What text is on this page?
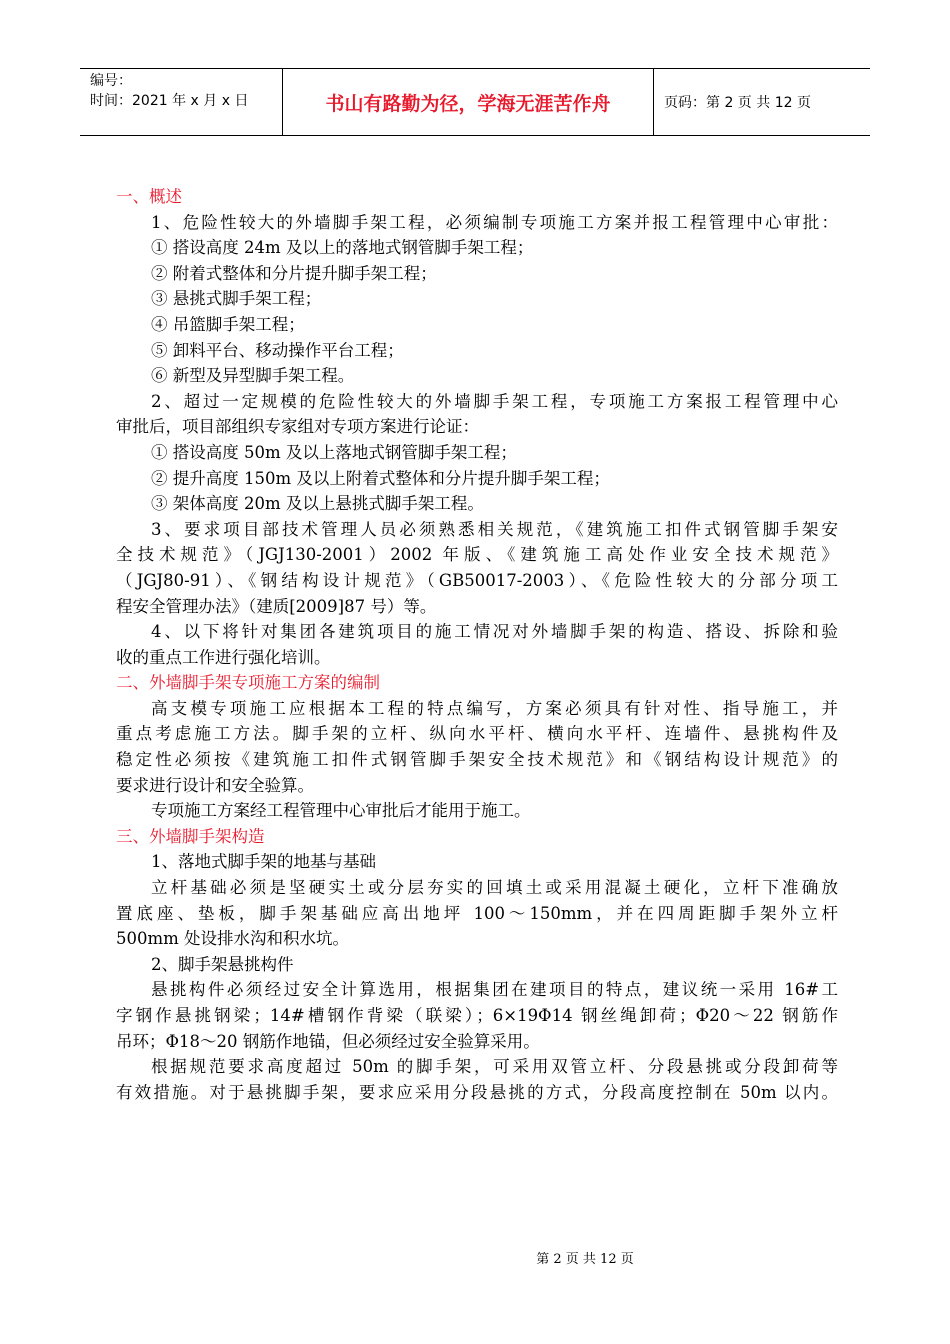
编号：
时间：2021 年 x 月 x 日	书山有路勤为径，学海无涯苦作舟	页码：第 2 页 共 12 页
一、概述
1、危险性较大的外墙脚手架工程，必须编制专项施工方案并报工程管理中心审批：
① 搭设高度 24m 及以上的落地式钢管脚手架工程；
② 附着式整体和分片提升脚手架工程；
③ 悬挑式脚手架工程；
④ 吊篮脚手架工程；
⑤ 卸料平台、移动操作平台工程；
⑥ 新型及异型脚手架工程。
2、超过一定规模的危险性较大的外墙脚手架工程，专项施工方案报工程管理中心
审批后，项目部组织专家组对专项方案进行论证：
① 搭设高度 50m 及以上落地式钢管脚手架工程；
② 提升高度 150m 及以上附着式整体和分片提升脚手架工程；
③ 架体高度 20m 及以上悬挑式脚手架工程。
3、要求项目部技术管理人员必须熟悉相关规范，《建筑施工扣件式钢管脚手架安
全技术规范》（JGJ130-2001）2002 年版、《建筑施工高处作业安全技术规范》
（JGJ80-91）、《钢结构设计规范》（GB50017-2003）、《危险性较大的分部分项工
程安全管理办法》（建质[2009]87 号）等。
4、以下将针对集团各建筑项目的施工情况对外墙脚手架的构造、搭设、拆除和验
收的重点工作进行强化培训。
二、外墙脚手架专项施工方案的编制
高支模专项施工应根据本工程的特点编写，方案必须具有针对性、指导施工，并
重点考虑施工方法。脚手架的立杆、纵向水平杆、横向水平杆、连墙件、悬挑构件及
稳定性必须按《建筑施工扣件式钢管脚手架安全技术规范》和《钢结构设计规范》的
要求进行设计和安全验算。
专项施工方案经工程管理中心审批后才能用于施工。
三、外墙脚手架构造
1、落地式脚手架的地基与基础
立杆基础必须是坚硬实土或分层夯实的回填土或采用混凝土硬化，立杆下准确放
置底座、垫板，脚手架基础应高出地坪 100～150mm，并在四周距脚手架外立杆
500mm 处设排水沟和积水坑。
2、脚手架悬挑构件
悬挑构件必须经过安全计算选用，根据集团在建项目的特点，建议统一采用 16#工
字钢作悬挑钢梁；14#槽钢作背梁（联梁）；6×19Φ14 钢丝绳卸荷；Φ20～22 钢筋作
吊环；Φ18～20 钢筋作地锚，但必须经过安全验算采用。
根据规范要求高度超过 50m 的脚手架，可采用双管立杆、分段悬挑或分段卸荷等
有效措施。对于悬挑脚手架，要求应采用分段悬挑的方式，分段高度控制在 50m 以内。
第 2 页 共 12 页
